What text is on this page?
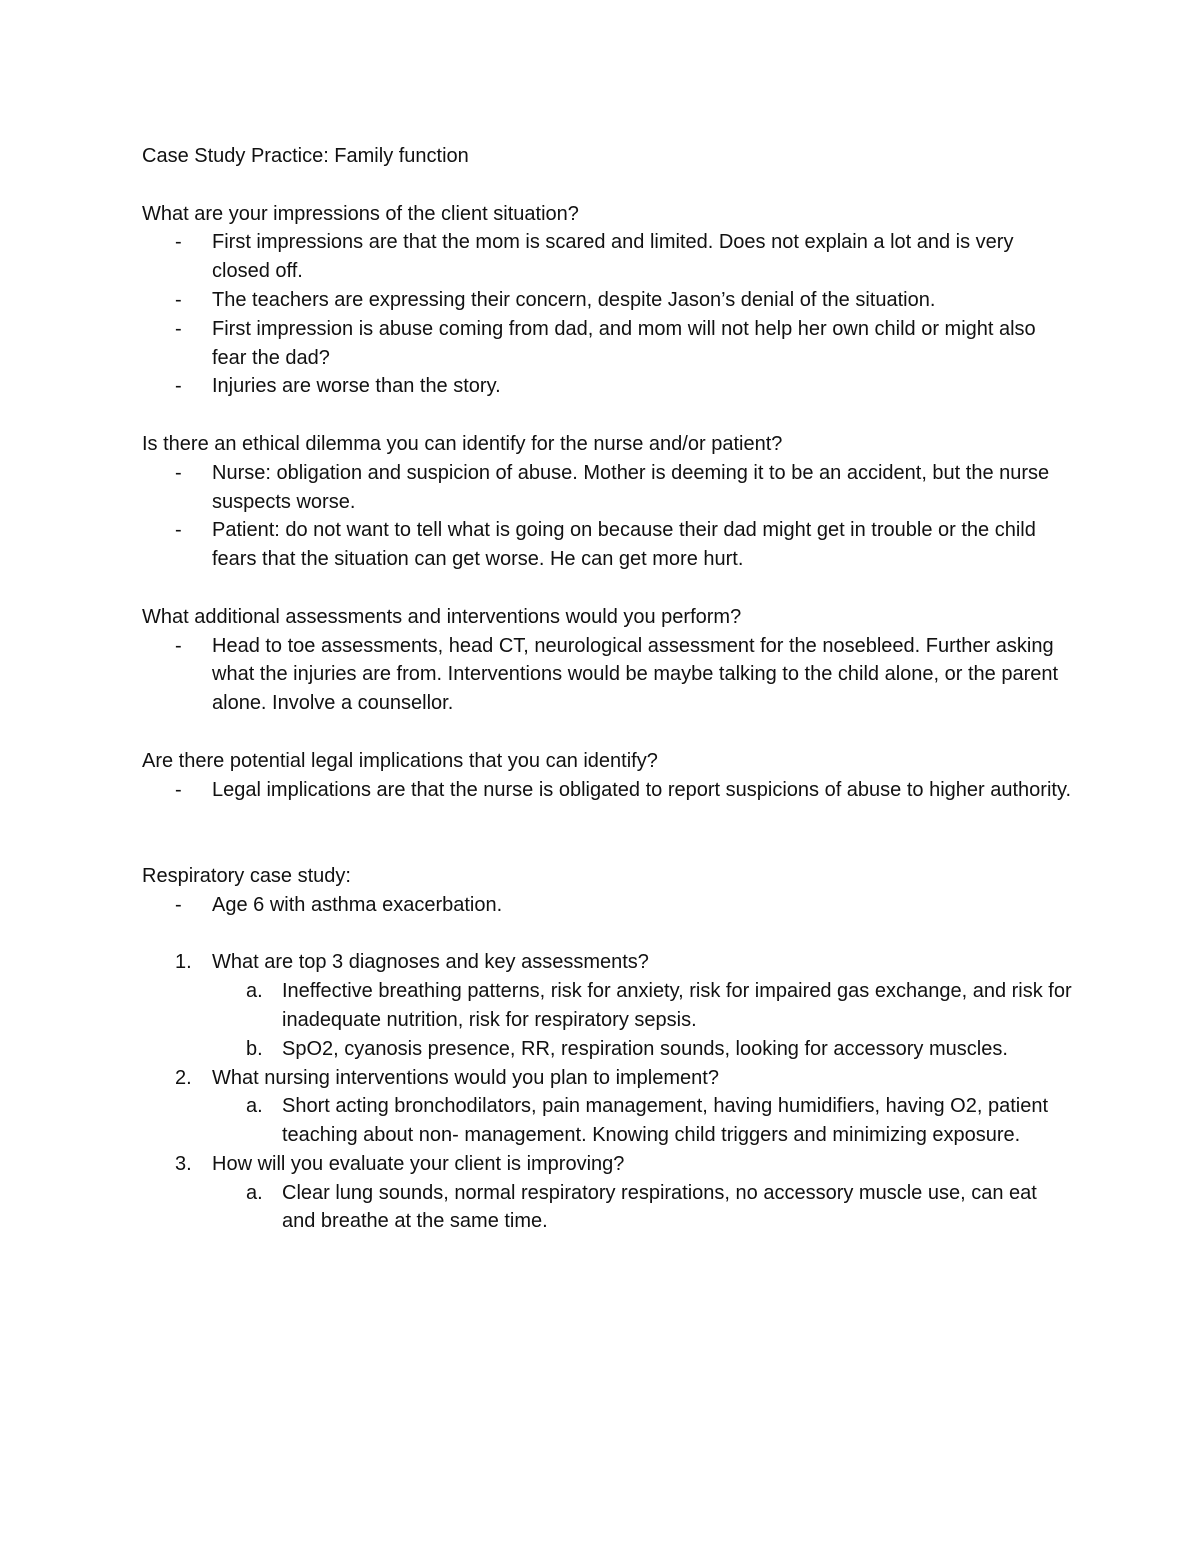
Case Study Practice: Family function

What are your impressions of the client situation?

-	First impressions are that the mom is scared and limited. Does not explain a lot and is very closed off.
-	The teachers are expressing their concern, despite Jason’s denial of the situation.
-	First impression is abuse coming from dad, and mom will not help her own child or might also fear the dad?
-	Injuries are worse than the story.

Is there an ethical dilemma you can identify for the nurse and/or patient?

-	Nurse: obligation and suspicion of abuse. Mother is deeming it to be an accident, but the nurse suspects worse.
-	Patient: do not want to tell what is going on because their dad might get in trouble or the child fears that the situation can get worse. He can get more hurt.

What additional assessments and interventions would you perform?

-	Head to toe assessments, head CT, neurological assessment for the nosebleed. Further asking what the injuries are from. Interventions would be maybe talking to the child alone, or the parent alone. Involve a counsellor.

Are there potential legal implications that you can identify?

-	Legal implications are that the nurse is obligated to report suspicions of abuse to higher authority.

Respiratory case study:

-	Age 6 with asthma exacerbation.
1.	What are top 3 diagnoses and key assessments?
a. Ineffective breathing patterns, risk for anxiety, risk for impaired gas exchange, and risk for inadequate nutrition, risk for respiratory sepsis.
b. SpO2, cyanosis presence, RR, respiration sounds, looking for accessory muscles.
2.	What nursing interventions would you plan to implement?
a. Short acting bronchodilators, pain management, having humidifiers, having O2, patient teaching about non- management. Knowing child triggers and minimizing exposure.
3.	How will you evaluate your client is improving?
a. Clear lung sounds, normal respiratory respirations, no accessory muscle use, can eat and breathe at the same time.
